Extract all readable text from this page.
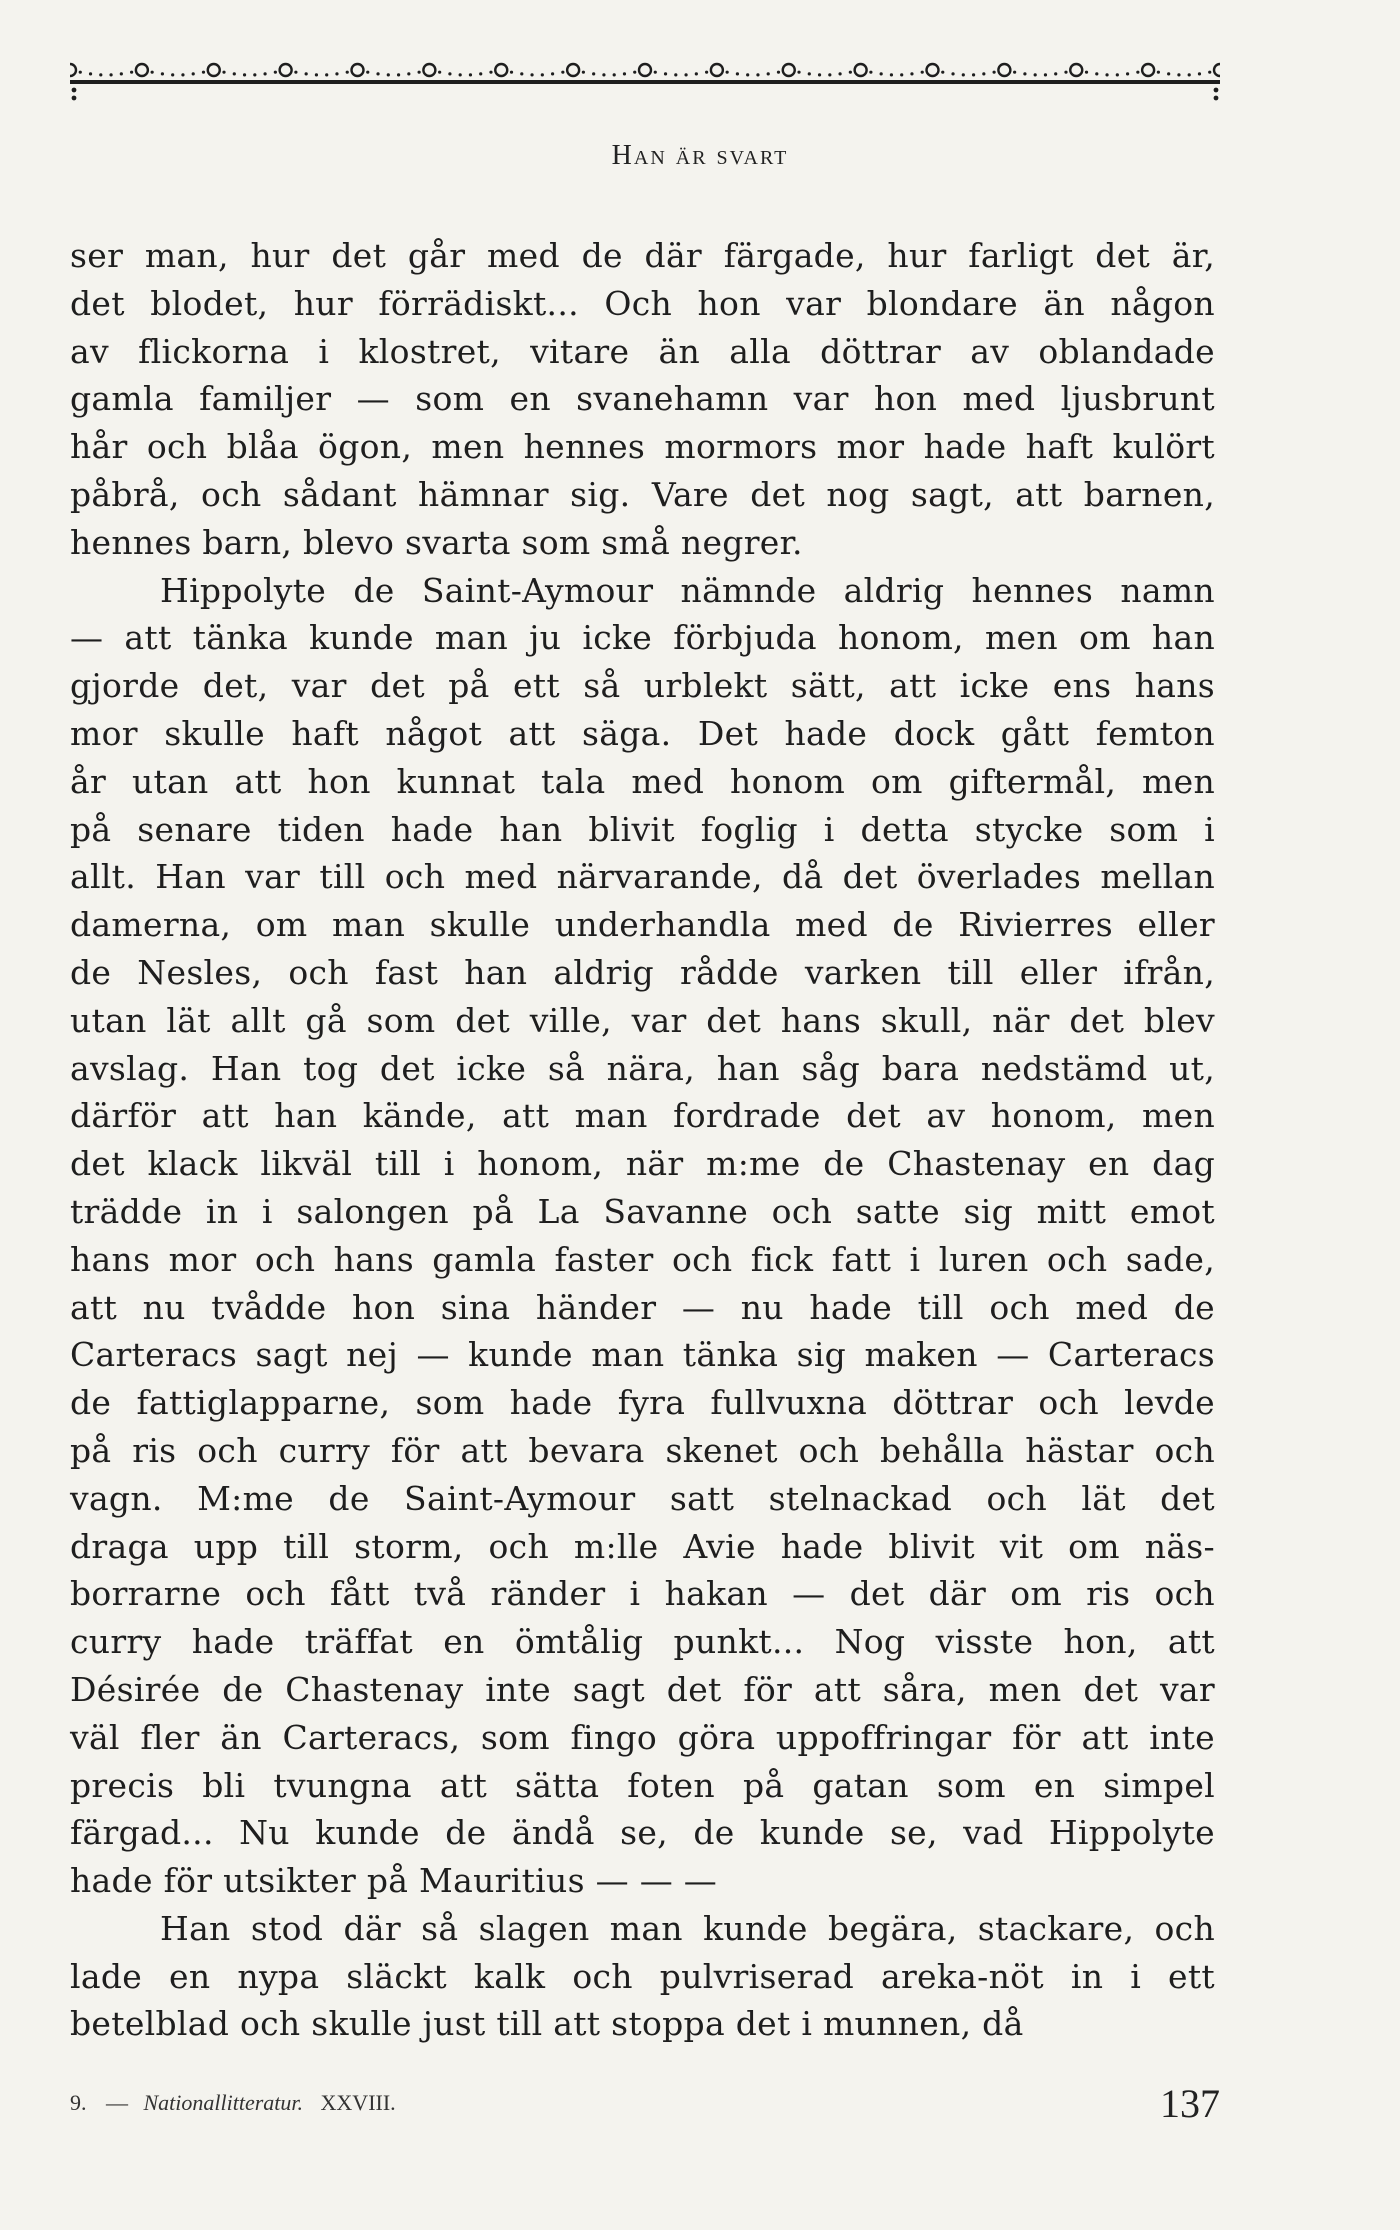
Han är svart
ser man, hur det går med de där färgade, hur farligt det är,
det blodet, hur förrädiskt... Och hon var blondare än någon
av flickorna i klostret, vitare än alla döttrar av oblandade
gamla familjer — som en svanehamn var hon med ljusbrunt
hår och blåa ögon, men hennes mormors mor hade haft kulört
påbrå, och sådant hämnar sig. Vare det nog sagt, att barnen,
hennes barn, blevo svarta som små negrer.
Hippolyte de Saint-Aymour nämnde aldrig hennes namn
— att tänka kunde man ju icke förbjuda honom, men om han
gjorde det, var det på ett så urblekt sätt, att icke ens hans
mor skulle haft något att säga. Det hade dock gått femton
år utan att hon kunnat tala med honom om giftermål, men
på senare tiden hade han blivit foglig i detta stycke som i
allt. Han var till och med närvarande, då det överlades mellan
damerna, om man skulle underhandla med de Rivierres eller
de Nesles, och fast han aldrig rådde varken till eller ifrån,
utan lät allt gå som det ville, var det hans skull, när det blev
avslag. Han tog det icke så nära, han såg bara nedstämd ut,
därför att han kände, att man fordrade det av honom, men
det klack likväl till i honom, när m:me de Chastenay en dag
trädde in i salongen på La Savanne och satte sig mitt emot
hans mor och hans gamla faster och fick fatt i luren och sade,
att nu tvådde hon sina händer — nu hade till och med de
Carteracs sagt nej — kunde man tänka sig maken — Carteracs
de fattiglapparne, som hade fyra fullvuxna döttrar och levde
på ris och curry för att bevara skenet och behålla hästar och
vagn. M:me de Saint-Aymour satt stelnackad och lät det
draga upp till storm, och m:lle Avie hade blivit vit om näs-
borrarne och fått två ränder i hakan — det där om ris och
curry hade träffat en ömtålig punkt... Nog visste hon, att
Désirée de Chastenay inte sagt det för att såra, men det var
väl fler än Carteracs, som fingo göra uppoffringar för att inte
precis bli tvungna att sätta foten på gatan som en simpel
färgad... Nu kunde de ändå se, de kunde se, vad Hippolyte
hade för utsikter på Mauritius — — —
Han stod där så slagen man kunde begära, stackare, och
lade en nypa släckt kalk och pulvriserad areka-nöt in i ett
betelblad och skulle just till att stoppa det i munnen, då
9. — Nationallitteratur. XXVIII.	137
